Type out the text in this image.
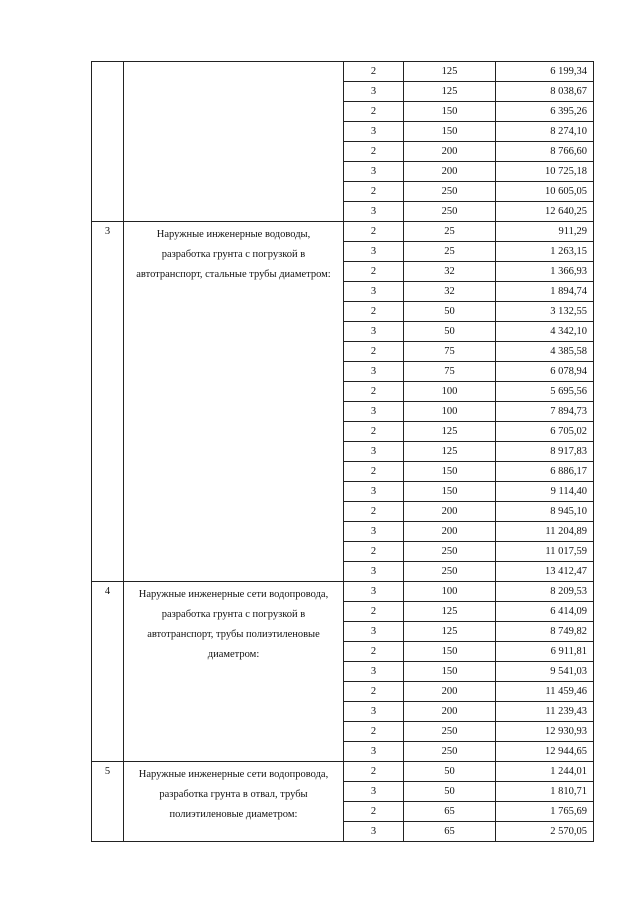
		2	125	6 199,34
		3	125	8 038,67
		2	150	6 395,26
		3	150	8 274,10
		2	200	8 766,60
		3	200	10 725,18
		2	250	10 605,05
		3	250	12 640,25
3	Наружные инженерные водоводы, разработка грунта с погрузкой в автотранспорт, стальные трубы диаметром:	2	25	911,29
		3	25	1 263,15
		2	32	1 366,93
		3	32	1 894,74
		2	50	3 132,55
		3	50	4 342,10
		2	75	4 385,58
		3	75	6 078,94
		2	100	5 695,56
		3	100	7 894,73
		2	125	6 705,02
		3	125	8 917,83
		2	150	6 886,17
		3	150	9 114,40
		2	200	8 945,10
		3	200	11 204,89
		2	250	11 017,59
		3	250	13 412,47
4	Наружные инженерные сети водопровода, разработка грунта с погрузкой в автотранспорт, трубы полиэтиленовые диаметром:	3	100	8 209,53
		2	125	6 414,09
		3	125	8 749,82
		2	150	6 911,81
		3	150	9 541,03
		2	200	11 459,46
		3	200	11 239,43
		2	250	12 930,93
		3	250	12 944,65
5	Наружные инженерные сети водопровода, разработка грунта в отвал, трубы полиэтиленовые диаметром:	2	50	1 244,01
		3	50	1 810,71
		2	65	1 765,69
		3	65	2 570,05
